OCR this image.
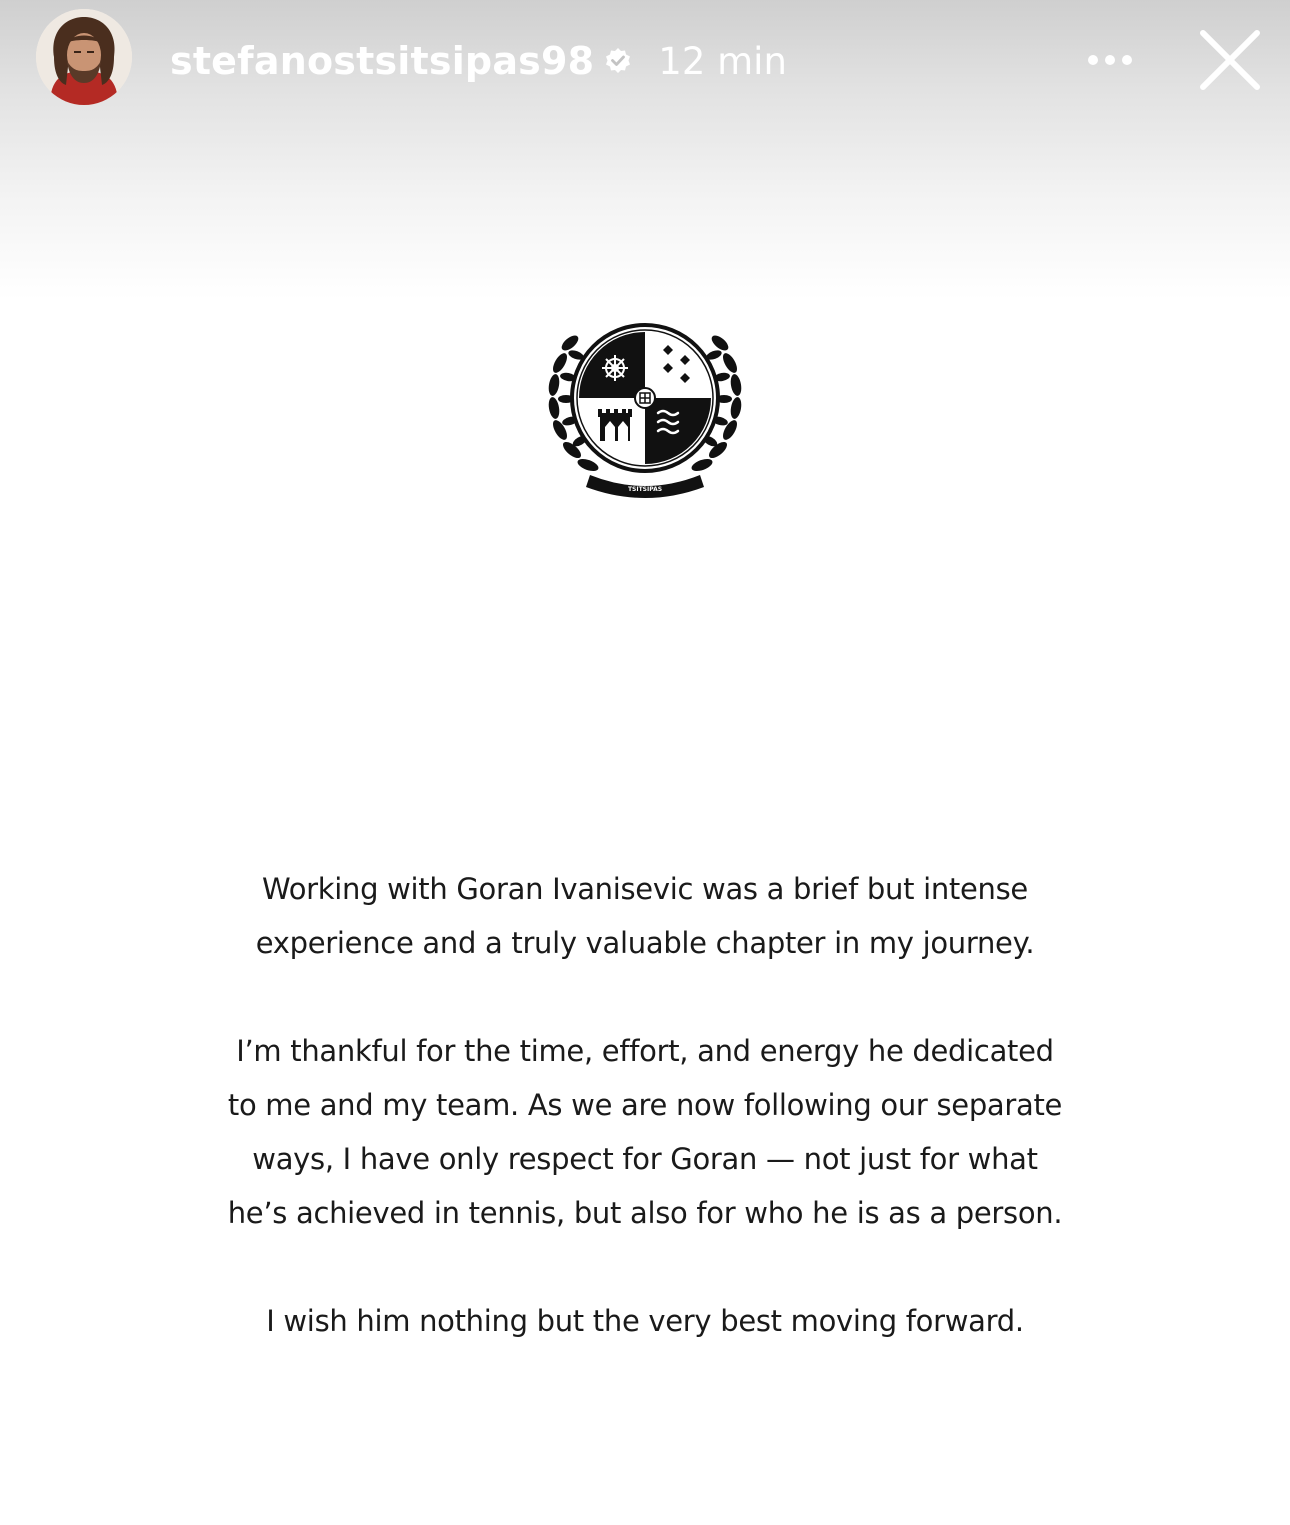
stefanostsitsipas98 12 min
TSITSIPAS

Working with Goran Ivanisevic was a brief but intense
experience and a truly valuable chapter in my journey.

I’m thankful for the time, effort, and energy he dedicated
to me and my team. As we are now following our separate
ways, I have only respect for Goran — not just for what
he’s achieved in tennis, but also for who he is as a person.

I wish him nothing but the very best moving forward.
